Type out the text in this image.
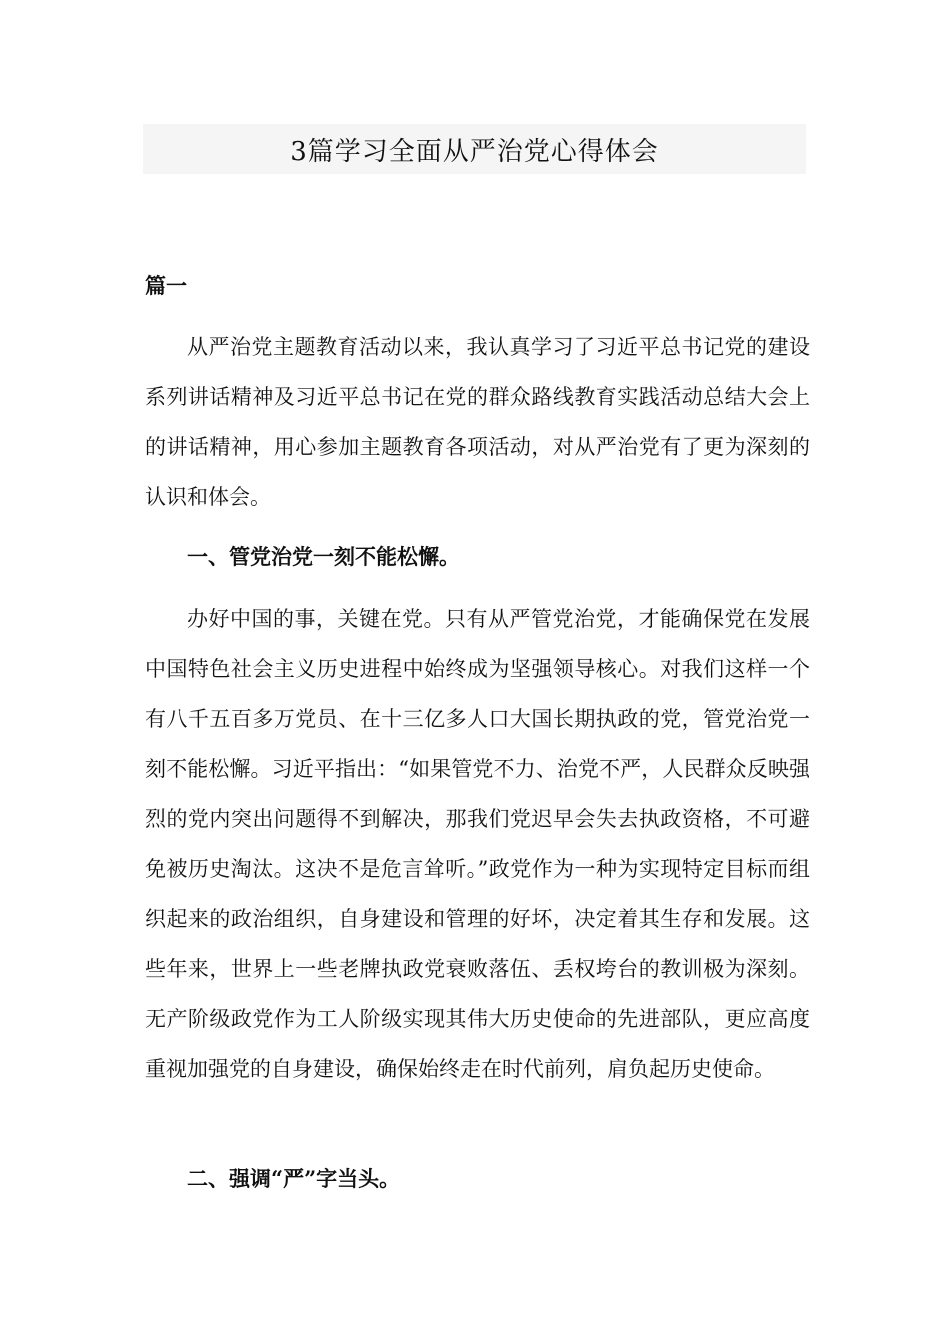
3篇学习全面从严治党心得体会
篇一

从严治党主题教育活动以来，我认真学习了习近平总书记党的建设系列讲话精神及习近平总书记在党的群众路线教育实践活动总结大会上的讲话精神，用心参加主题教育各项活动，对从严治党有了更为深刻的认识和体会。

一、管党治党一刻不能松懈。

办好中国的事，关键在党。只有从严管党治党，才能确保党在发展中国特色社会主义历史进程中始终成为坚强领导核心。对我们这样一个有八千五百多万党员、在十三亿多人口大国长期执政的党，管党治党一刻不能松懈。习近平指出：“如果管党不力、治党不严，人民群众反映强烈的党内突出问题得不到解决，那我们党迟早会失去执政资格，不可避免被历史淘汰。这决不是危言耸听。”政党作为一种为实现特定目标而组织起来的政治组织，自身建设和管理的好坏，决定着其生存和发展。这些年来，世界上一些老牌执政党衰败落伍、丢权垮台的教训极为深刻。无产阶级政党作为工人阶级实现其伟大历史使命的先进部队，更应高度重视加强党的自身建设，确保始终走在时代前列，肩负起历史使命。

二、强调“严”字当头。
